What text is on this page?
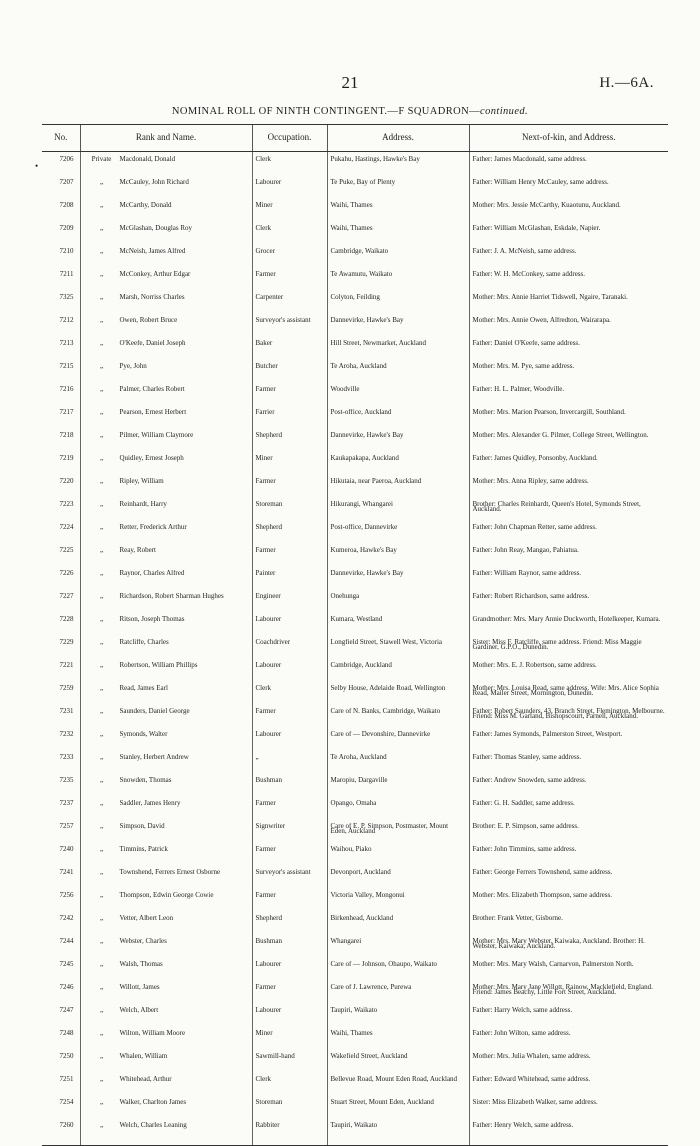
21	H.—6A.
NOMINAL ROLL OF NINTH CONTINGENT.—F SQUADRON—continued.
•
No.	Rank and Name.	Occupation.	Address.	Next-of-kin, and Address.

7206	Private Macdonald, Donald	Clerk	Pukahu, Hastings, Hawke's Bay	Father: James Macdonald, same address.
7207	„ McCauley, John Richard	Labourer	Te Puke, Bay of Plenty	Father: William Henry McCauley, same address.
7208	„ McCarthy, Donald	Miner	Waihi, Thames	Mother: Mrs. Jessie McCarthy, Kuaotunu, Auckland.
7209	„ McGlashan, Douglas Roy	Clerk	Waihi, Thames	Father: William McGlashan, Eskdale, Napier.
7210	„ McNeish, James Alfred	Grocer	Cambridge, Waikato	Father: J. A. McNeish, same address.
7211	„ McConkey, Arthur Edgar	Farmer	Te Awamutu, Waikato	Father: W. H. McConkey, same address.
7325	„ Marsh, Norriss Charles	Carpenter	Colyton, Feilding	Mother: Mrs. Annie Harriet Tidswell, Ngaire, Taranaki.
7212	„ Owen, Robert Bruce	Surveyor's assistant	Dannevirke, Hawke's Bay	Mother: Mrs. Annie Owen, Alfredton, Wairarapa.
7213	„ O'Keefe, Daniel Joseph	Baker	Hill Street, Newmarket, Auckland	Father: Daniel O'Keefe, same address.
7215	„ Pye, John	Butcher	Te Aroha, Auckland	Mother: Mrs. M. Pye, same address.
7216	„ Palmer, Charles Robert	Farmer	Woodville	Father: H. L. Palmer, Woodville.
7217	„ Pearson, Ernest Herbert	Farrier	Post-office, Auckland	Mother: Mrs. Marion Pearson, Invercargill, Southland.
7218	„ Pilmer, William Claymore	Shepherd	Dannevirke, Hawke's Bay	Mother: Mrs. Alexander G. Pilmer, College Street, Wellington.
7219	„ Quidley, Ernest Joseph	Miner	Kaukapakapa, Auckland	Father: James Quidley, Ponsonby, Auckland.
7220	„ Ripley, William	Farmer	Hikutaia, near Paeroa, Auckland	Mother: Mrs. Anna Ripley, same address.
7223	„ Reinhardt, Harry	Storeman	Hikurangi, Whangarei	Brother: Charles Reinhardt, Queen's Hotel, Symonds Street, Auckland.
7224	„ Retter, Frederick Arthur	Shepherd	Post-office, Dannevirke	Father: John Chapman Retter, same address.
7225	„ Reay, Robert	Farmer	Kumeroa, Hawke's Bay	Father: John Reay, Mangao, Pahiatua.
7226	„ Raynor, Charles Alfred	Painter	Dannevirke, Hawke's Bay	Father: William Raynor, same address.
7227	„ Richardson, Robert Sharman Hughes	Engineer	Onehunga	Father: Robert Richardson, same address.
7228	„ Ritson, Joseph Thomas	Labourer	Kumara, Westland	Grandmother: Mrs. Mary Annie Duckworth, Hotelkeeper, Kumara.
7229	„ Ratcliffe, Charles	Coachdriver	Longfield Street, Stawell West, Victoria	Sister: Miss F. Ratcliffe, same address. Friend: Miss Maggie Gardiner, G.P.O., Dunedin.
7221	„ Robertson, William Phillips	Labourer	Cambridge, Auckland	Mother: Mrs. E. J. Robertson, same address.
7259	„ Read, James Earl	Clerk	Selby House, Adelaide Road, Wellington	Mother: Mrs. Louisa Read, same address. Wife: Mrs. Alice Sophia Read, Mailer Street, Mornington, Dunedin.
7231	„ Saunders, Daniel George	Farmer	Care of N. Banks, Cambridge, Waikato	Father: Robert Saunders, 43, Branch Street, Flemington, Melbourne. Friend: Miss M. Garland, Bishopscourt, Parnell, Auckland.
7232	„ Symonds, Walter	Labourer	Care of — Devonshire, Dannevirke	Father: James Symonds, Palmerston Street, Westport.
7233	„ Stanley, Herbert Andrew	„	Te Aroha, Auckland	Father: Thomas Stanley, same address.
7235	„ Snowden, Thomas	Bushman	Maropiu, Dargaville	Father: Andrew Snowden, same address.
7237	„ Saddler, James Henry	Farmer	Opango, Omaha	Father: G. H. Saddler, same address.
7257	„ Simpson, David	Signwriter	Care of E. P. Simpson, Postmaster, Mount Eden, Auckland	Brother: E. P. Simpson, same address.
7240	„ Timmins, Patrick	Farmer	Waihou, Piako	Father: John Timmins, same address.
7241	„ Townshend, Ferrers Ernest Osborne	Surveyor's assistant	Devonport, Auckland	Father: George Ferrers Townshend, same address.
7256	„ Thompson, Edwin George Cowie	Farmer	Victoria Valley, Mongonui	Mother: Mrs. Elizabeth Thompson, same address.
7242	„ Vetter, Albert Leon	Shepherd	Birkenhead, Auckland	Brother: Frank Vetter, Gisborne.
7244	„ Webster, Charles	Bushman	Whangarei	Mother: Mrs. Mary Webster, Kaiwaka, Auckland. Brother: H. Webster, Kaiwaka, Auckland.
7245	„ Walsh, Thomas	Labourer	Care of — Johnson, Ohaupo, Waikato	Mother: Mrs. Mary Walsh, Carnarvon, Palmerston North.
7246	„ Willott, James	Farmer	Care of J. Lawrence, Purewa	Mother: Mrs. Mary Jane Willott, Rainow, Macklefield, England. Friend: James Beachy, Little Fort Street, Auckland.
7247	„ Welch, Albert	Labourer	Taupiri, Waikato	Father: Harry Welch, same address.
7248	„ Wilton, William Moore	Miner	Waihi, Thames	Father: John Wilton, same address.
7250	„ Whalen, William	Sawmill-hand	Wakefield Street, Auckland	Mother: Mrs. Julia Whalen, same address.
7251	„ Whitehead, Arthur	Clerk	Bellevue Road, Mount Eden Road, Auckland	Father: Edward Whitehead, same address.
7254	„ Walker, Charlton James	Storeman	Stuart Street, Mount Eden, Auckland	Sister: Miss Elizabeth Walker, same address.
7260	„ Welch, Charles Leaning	Rabbiter	Taupiri, Waikato	Father: Henry Welch, same address.
